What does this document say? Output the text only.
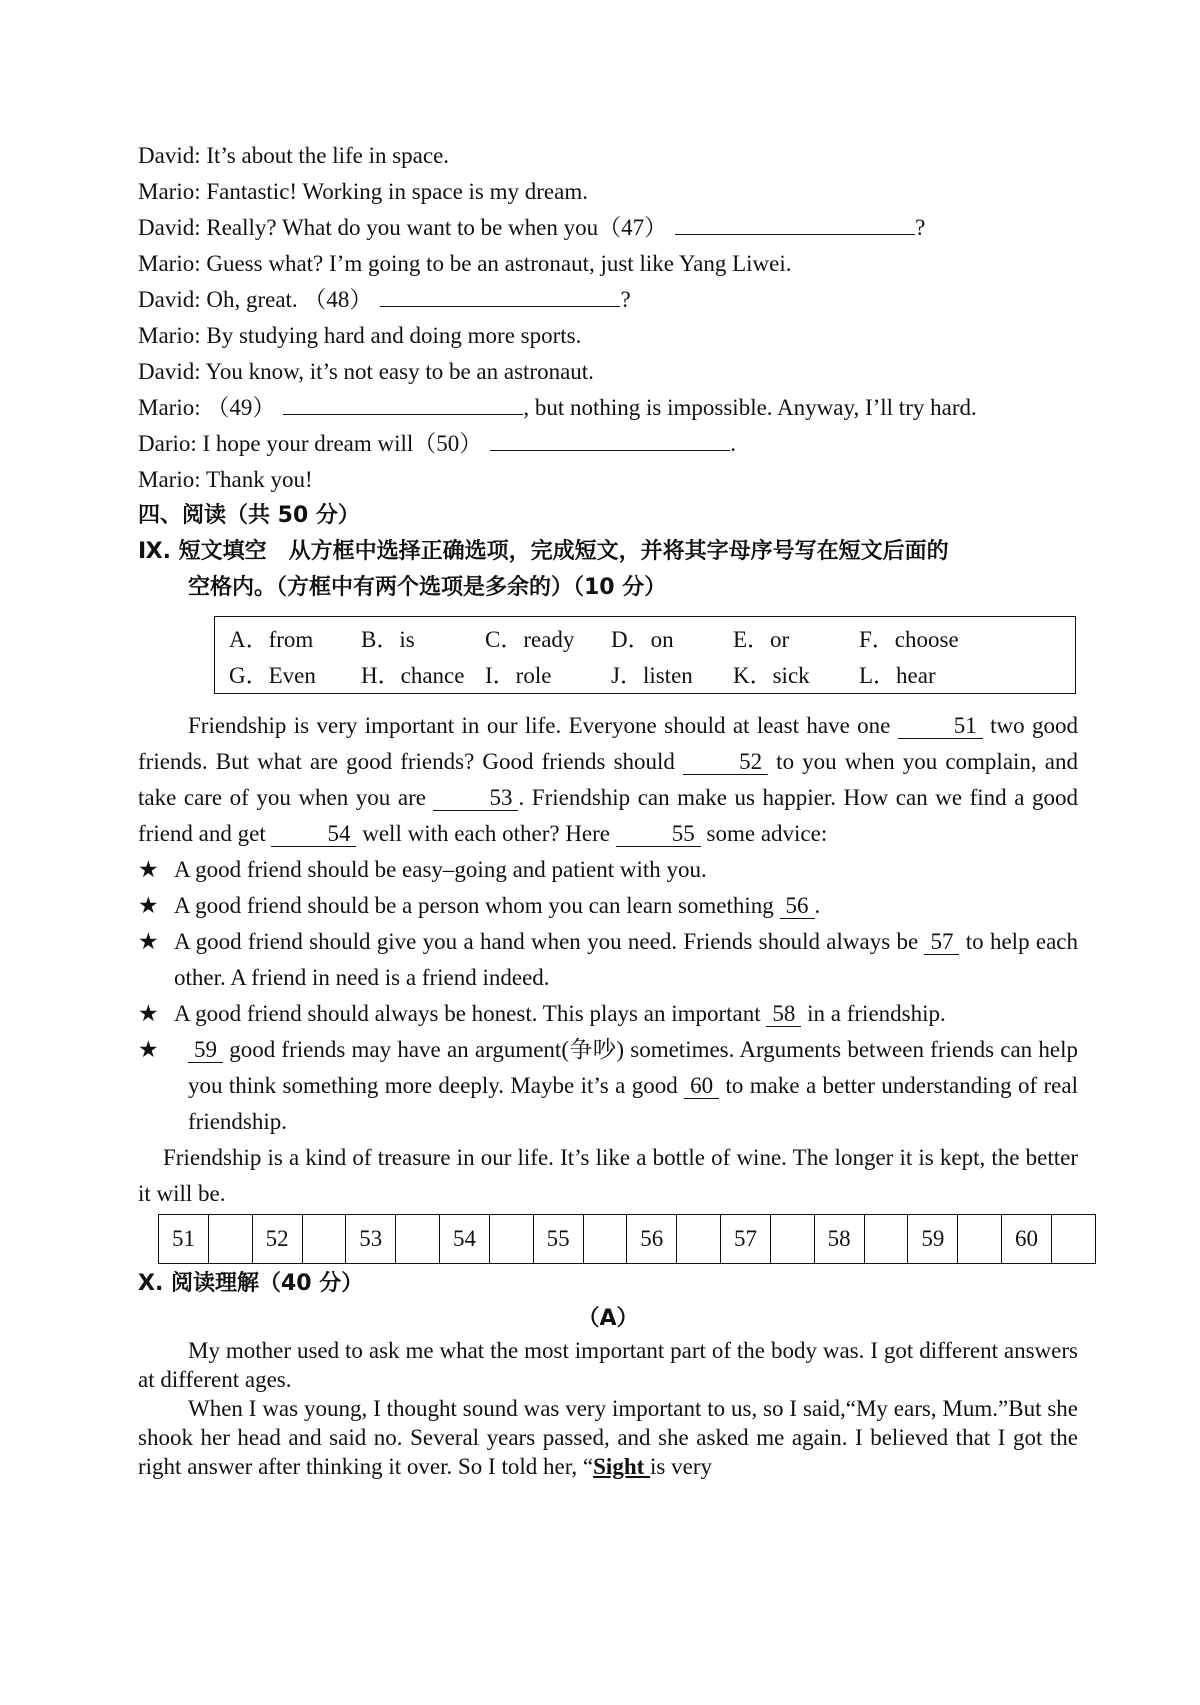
David: It’s about the life in space.
Mario: Fantastic! Working in space is my dream.
David: Really? What do you want to be when you（47）	?
Mario: Guess what? I’m going to be an astronaut, just like Yang Liwei.
David: Oh, great. （48）	?
Mario: By studying hard and doing more sports.
David: You know, it’s not easy to be an astronaut.
Mario: （49）	, but nothing is impossible. Anyway, I’ll try hard.
Dario: I hope your dream will（50）	.
Mario: Thank you!
四、阅读（共 50 分）
Ⅸ. 短文填空　从方框中选择正确选项，完成短文，并将其字母序号写在短文后面的
空格内。（方框中有两个选项是多余的）（10 分）
A．from B．is	C．ready D．on	E．or	F．choose
G．Even H．chance I．role	J．listen K．sick L．hear
Friendship is very important in our life. Everyone should at least have one 51 two good friends. But what are good friends? Good friends should 52 to you when you complain, and take care of you when you are 53 . Friendship can make us happier. How can we find a good friend and get 54 well with each other? Here 55 some advice:
★ A good friend should be easy–going and patient with you.
★ A good friend should be a person whom you can learn something 56 .
★ A good friend should give you a hand when you need. Friends should always be 57 to help each other. A friend in need is a friend indeed.
★ A good friend should always be honest. This plays an important 58 in a friendship.
★ 59 good friends may have an argument(争吵) sometimes. Arguments between friends can help you think something more deeply. Maybe it’s a good 60 to make a better understanding of real friendship.
Friendship is a kind of treasure in our life. It’s like a bottle of wine. The longer it is kept, the better it will be.
51		52		53		54		55		56		57		58		59		60	
Ⅹ. 阅读理解（40 分）
（A）
My mother used to ask me what the most important part of the body was. I got different answers at different ages.
When I was young, I thought sound was very important to us, so I said,“My ears, Mum.”But she shook her head and said no. Several years passed, and she asked me again. I believed that I got the right answer after thinking it over. So I told her, “Sight is very
